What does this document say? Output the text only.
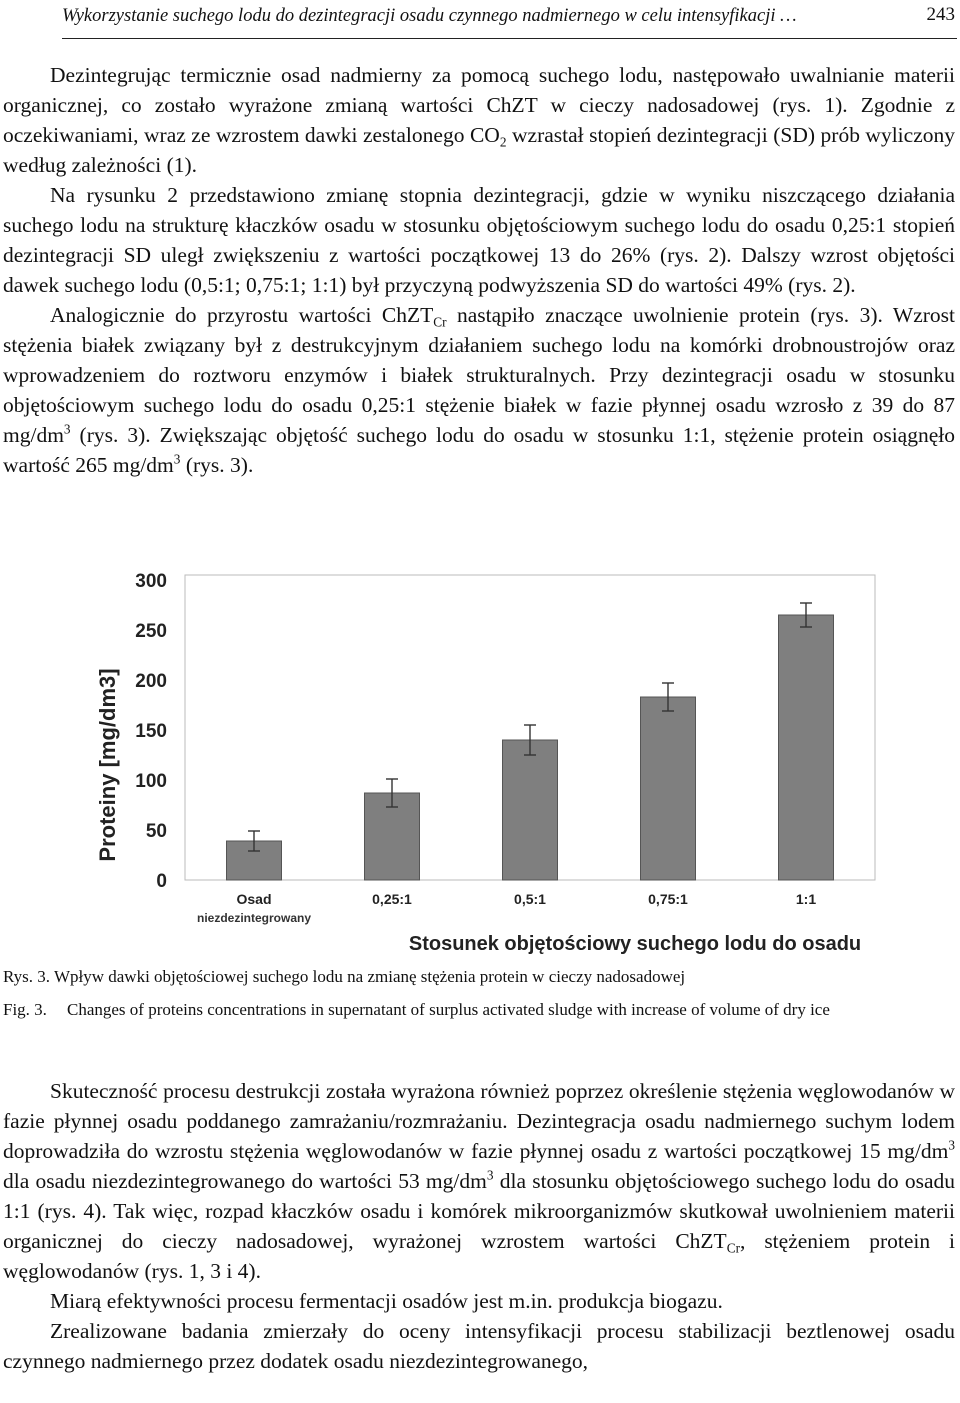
Wykorzystanie suchego lodu do dezintegracji osadu czynnego nadmiernego w celu intensyfikacji …	243

Dezintegrując termicznie osad nadmierny za pomocą suchego lodu, następowało uwalnianie materii organicznej, co zostało wyrażone zmianą wartości ChZT w cieczy nadosadowej (rys. 1). Zgodnie z oczekiwaniami, wraz ze wzrostem dawki zestalonego $CO_2$ wzrastał stopień dezintegracji (SD) prób wyliczony według zależności (1).

Na rysunku 2 przedstawiono zmianę stopnia dezintegracji, gdzie w wyniku niszczącego działania suchego lodu na strukturę kłaczków osadu w stosunku objętościowym suchego lodu do osadu 0,25:1 stopień dezintegracji SD uległ zwiększeniu z wartości początkowej 13 do 26% (rys. 2). Dalszy wzrost objętości dawek suchego lodu (0,5:1; 0,75:1; 1:1) był przyczyną podwyższenia SD do wartości 49% (rys. 2).

Analogicznie do przyrostu wartości ChZT$_{Cr}$ nastąpiło znaczące uwolnienie protein (rys. 3). Wzrost stężenia białek związany był z destrukcyjnym działaniem suchego lodu na komórki drobnoustrojów oraz wprowadzeniem do roztworu enzymów i białek strukturalnych. Przy dezintegracji osadu w stosunku objętościowym suchego lodu do osadu 0,25:1 stężenie białek w fazie płynnej osadu wzrosło z 39 do 87 $mg/dm^3$ (rys. 3). Zwiększając objętość suchego lodu do osadu w stosunku 1:1, stężenie protein osiągnęło wartość 265 $mg/dm^3$ (rys. 3).

0
50
100
150
200
250
300
Osad
niezdezintegrowany
0,25:1	0,5:1	0,75:1	1:1
Proteiny [mg/dm3]
Stosunek objętościowy suchego lodu do osadu
Rys. 3. Wpływ dawki objętościowej suchego lodu na zmianę stężenia protein w cieczy nadosadowej
Fig. 3.	Changes of proteins concentrations in supernatant of surplus activated sludge with increase of volume of dry ice

Skuteczność procesu destrukcji została wyrażona również poprzez określenie stężenia węglowodanów w fazie płynnej osadu poddanego zamrażaniu/rozmrażaniu. Dezintegracja osadu nadmiernego suchym lodem doprowadziła do wzrostu stężenia węglowodanów w fazie płynnej osadu z wartości początkowej 15 $mg/dm^3$ dla osadu niezdezintegrowanego do wartości 53 $mg/dm^3$ dla stosunku objętościowego suchego lodu do osadu 1:1 (rys. 4). Tak więc, rozpad kłaczków osadu i komórek mikroorganizmów skutkował uwolnieniem materii organicznej do cieczy nadosadowej, wyrażonej wzrostem wartości ChZT$_{Cr}$, stężeniem protein i węglowodanów (rys. 1, 3 i 4).

Miarą efektywności procesu fermentacji osadów jest m.in. produkcja biogazu.

Zrealizowane badania zmierzały do oceny intensyfikacji procesu stabilizacji beztlenowej osadu czynnego nadmiernego przez dodatek osadu niezdezintegrowanego,
